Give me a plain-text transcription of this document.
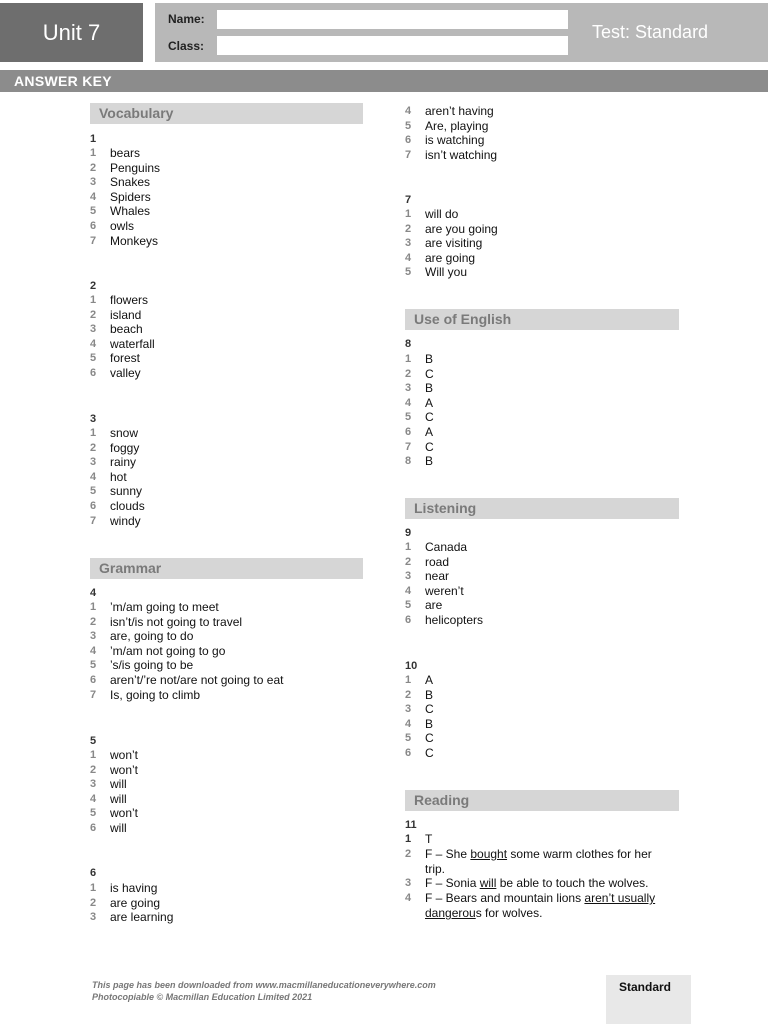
Unit 7
Name:
Class:
Test: Standard
ANSWER KEY
Vocabulary
1
1	bears
2	Penguins
3	Snakes
4	Spiders
5	Whales
6	owls
7	Monkeys
2
1	flowers
2	island
3	beach
4	waterfall
5	forest
6	valley
3
1	snow
2	foggy
3	rainy
4	hot
5	sunny
6	clouds
7	windy
Grammar
4
1	’m/am going to meet
2	isn’t/is not going to travel
3	are, going to do
4	’m/am not going to go
5	’s/is going to be
6	aren’t/’re not/are not going to eat
7	Is, going to climb
5
1	won’t
2	won’t
3	will
4	will
5	won’t
6	will
6
1	is having
2	are going
3	are learning
4	aren’t having
5	Are, playing
6	is watching
7	isn’t watching
7
1	will do
2	are you going
3	are visiting
4	are going
5	Will you
Use of English
8
1	B
2	C
3	B
4	A
5	C
6	A
7	C
8	B
Listening
9
1	Canada
2	road
3	near
4	weren’t
5	are
6	helicopters
10
1	A
2	B
3	C
4	B
5	C
6	C
Reading
11
1	T
2	F – She bought some warm clothes for her
trip.
3	F – Sonia will be able to touch the wolves.
4	F – Bears and mountain lions aren’t usually
dangerous for wolves.
This page has been downloaded from www.macmillaneducationeverywhere.com
Photocopiable © Macmillan Education Limited 2021
Standard
